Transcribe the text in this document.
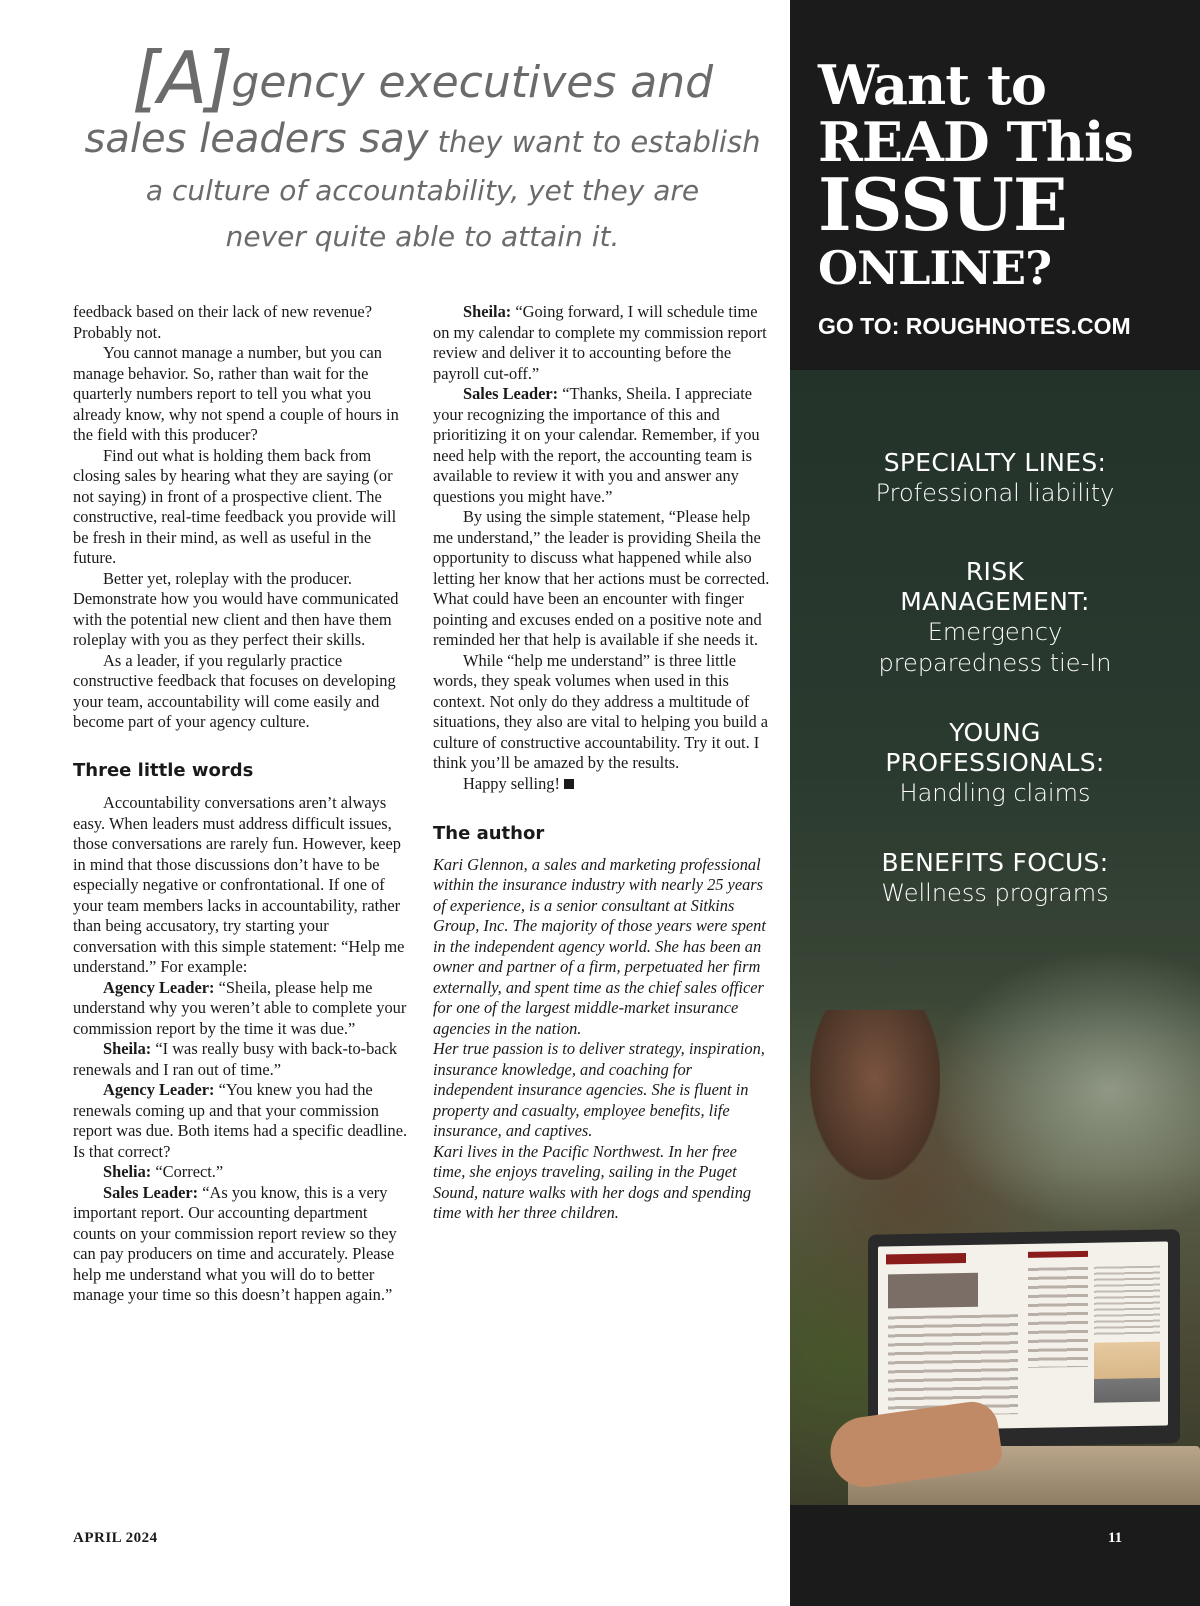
[A]gency executives and
sales leaders say they want to establish
a culture of accountability, yet they are
never quite able to attain it.

feedback based on their lack of new revenue? Probably not.

You cannot manage a number, but you can manage behavior. So, rather than wait for the quarterly numbers report to tell you what you already know, why not spend a couple of hours in the field with this producer?

Find out what is holding them back from closing sales by hearing what they are saying (or not saying) in front of a prospective client. The constructive, real-time feedback you provide will be fresh in their mind, as well as useful in the future.

Better yet, roleplay with the producer. Demonstrate how you would have communicated with the potential new client and then have them roleplay with you as they perfect their skills.

As a leader, if you regularly practice constructive feedback that focuses on developing your team, accountability will come easily and become part of your agency culture.

Three little words

Accountability conversations aren’t always easy. When leaders must address difficult issues, those conversations are rarely fun. However, keep in mind that those discussions don’t have to be especially negative or confrontational. If one of your team members lacks in accountability, rather than being accusatory, try starting your conversation with this simple statement: “Help me understand.” For example:

Agency Leader: “Sheila, please help me understand why you weren’t able to complete your commission report by the time it was due.”

Sheila: “I was really busy with back-to-back renewals and I ran out of time.”

Agency Leader: “You knew you had the renewals coming up and that your commission report was due. Both items had a specific deadline. Is that correct?

Shelia: “Correct.”

Sales Leader: “As you know, this is a very important report. Our accounting department counts on your commission report review so they can pay producers on time and accurately. Please help me understand what you will do to better manage your time so this doesn’t happen again.”

Sheila: “Going forward, I will schedule time on my calendar to complete my commission report review and deliver it to accounting before the payroll cut-off.”

Sales Leader: “Thanks, Sheila. I appreciate your recognizing the importance of this and prioritizing it on your calendar. Remember, if you need help with the report, the accounting team is available to review it with you and answer any questions you might have.”

By using the simple statement, “Please help me understand,” the leader is providing Sheila the opportunity to discuss what happened while also letting her know that her actions must be corrected. What could have been an encounter with finger pointing and excuses ended on a positive note and reminded her that help is available if she needs it.

While “help me understand” is three little words, they speak volumes when used in this context. Not only do they address a multitude of situations, they also are vital to helping you build a culture of constructive accountability. Try it out. I think you’ll be amazed by the results.

Happy selling!

The author

Kari Glennon, a sales and marketing professional within the insurance industry with nearly 25 years of experience, is a senior consultant at Sitkins Group, Inc. The majority of those years were spent in the independent agency world. She has been an owner and partner of a firm, perpetuated her firm externally, and spent time as the chief sales officer for one of the largest middle-market insurance agencies in the nation.

Her true passion is to deliver strategy, inspiration, insurance knowledge, and coaching for independent insurance agencies. She is fluent in property and casualty, employee benefits, life insurance, and captives.

Kari lives in the Pacific Northwest. In her free time, she enjoys traveling, sailing in the Puget Sound, nature walks with her dogs and spending time with her three children.

APRIL 2024
Want to
READ This
ISSUE
ONLINE?
GO TO: ROUGHNOTES.COM
SPECIALTY LINES:
Professional liability
RISK
MANAGEMENT:
Emergency
preparedness tie-In
YOUNG
PROFESSIONALS:
Handling claims
BENEFITS FOCUS:
Wellness programs
11
